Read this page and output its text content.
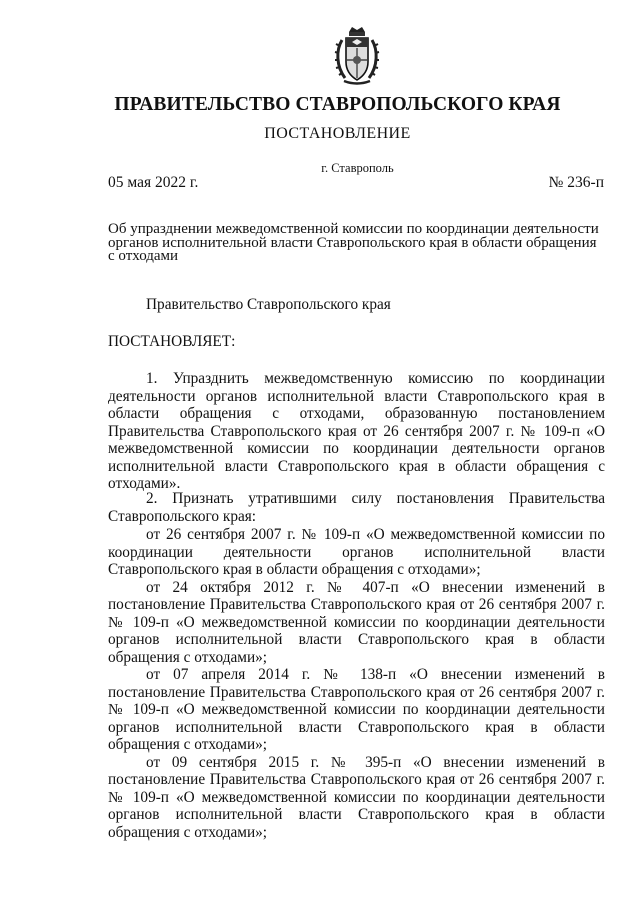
ПРАВИТЕЛЬСТВО СТАВРОПОЛЬСКОГО КРАЯ
ПОСТАНОВЛЕНИЕ
г. Ставрополь
05 мая 2022 г.	№ 236-п
Об упразднении межведомственной комиссии по координации деятельности органов исполнительной власти Ставропольского края в области обращения с отходами
Правительство Ставропольского края
ПОСТАНОВЛЯЕТ:
1. Упразднить межведомственную комиссию по координации деятельности органов исполнительной власти Ставропольского края в области обращения с отходами, образованную постановлением Правительства Ставропольского края от 26 сентября 2007 г. № 109-п «О межведомственной комиссии по координации деятельности органов исполнительной власти Ставропольского края в области обращения с отходами».
2. Признать утратившими силу постановления Правительства Ставропольского края:

от 26 сентября 2007 г. № 109-п «О межведомственной комиссии по координации деятельности органов исполнительной власти Ставропольского края в области обращения с отходами»;

от 24 октября 2012 г. № 407-п «О внесении изменений в постановление Правительства Ставропольского края от 26 сентября 2007 г. № 109-п «О межведомственной комиссии по координации деятельности органов исполнительной власти Ставропольского края в области обращения с отходами»;

от 07 апреля 2014 г. № 138-п «О внесении изменений в постановление Правительства Ставропольского края от 26 сентября 2007 г. № 109-п «О межведомственной комиссии по координации деятельности органов исполнительной власти Ставропольского края в области обращения с отходами»;

от 09 сентября 2015 г. № 395-п «О внесении изменений в постановление Правительства Ставропольского края от 26 сентября 2007 г. № 109-п «О межведомственной комиссии по координации деятельности органов исполнительной власти Ставропольского края в области обращения с отходами»;
